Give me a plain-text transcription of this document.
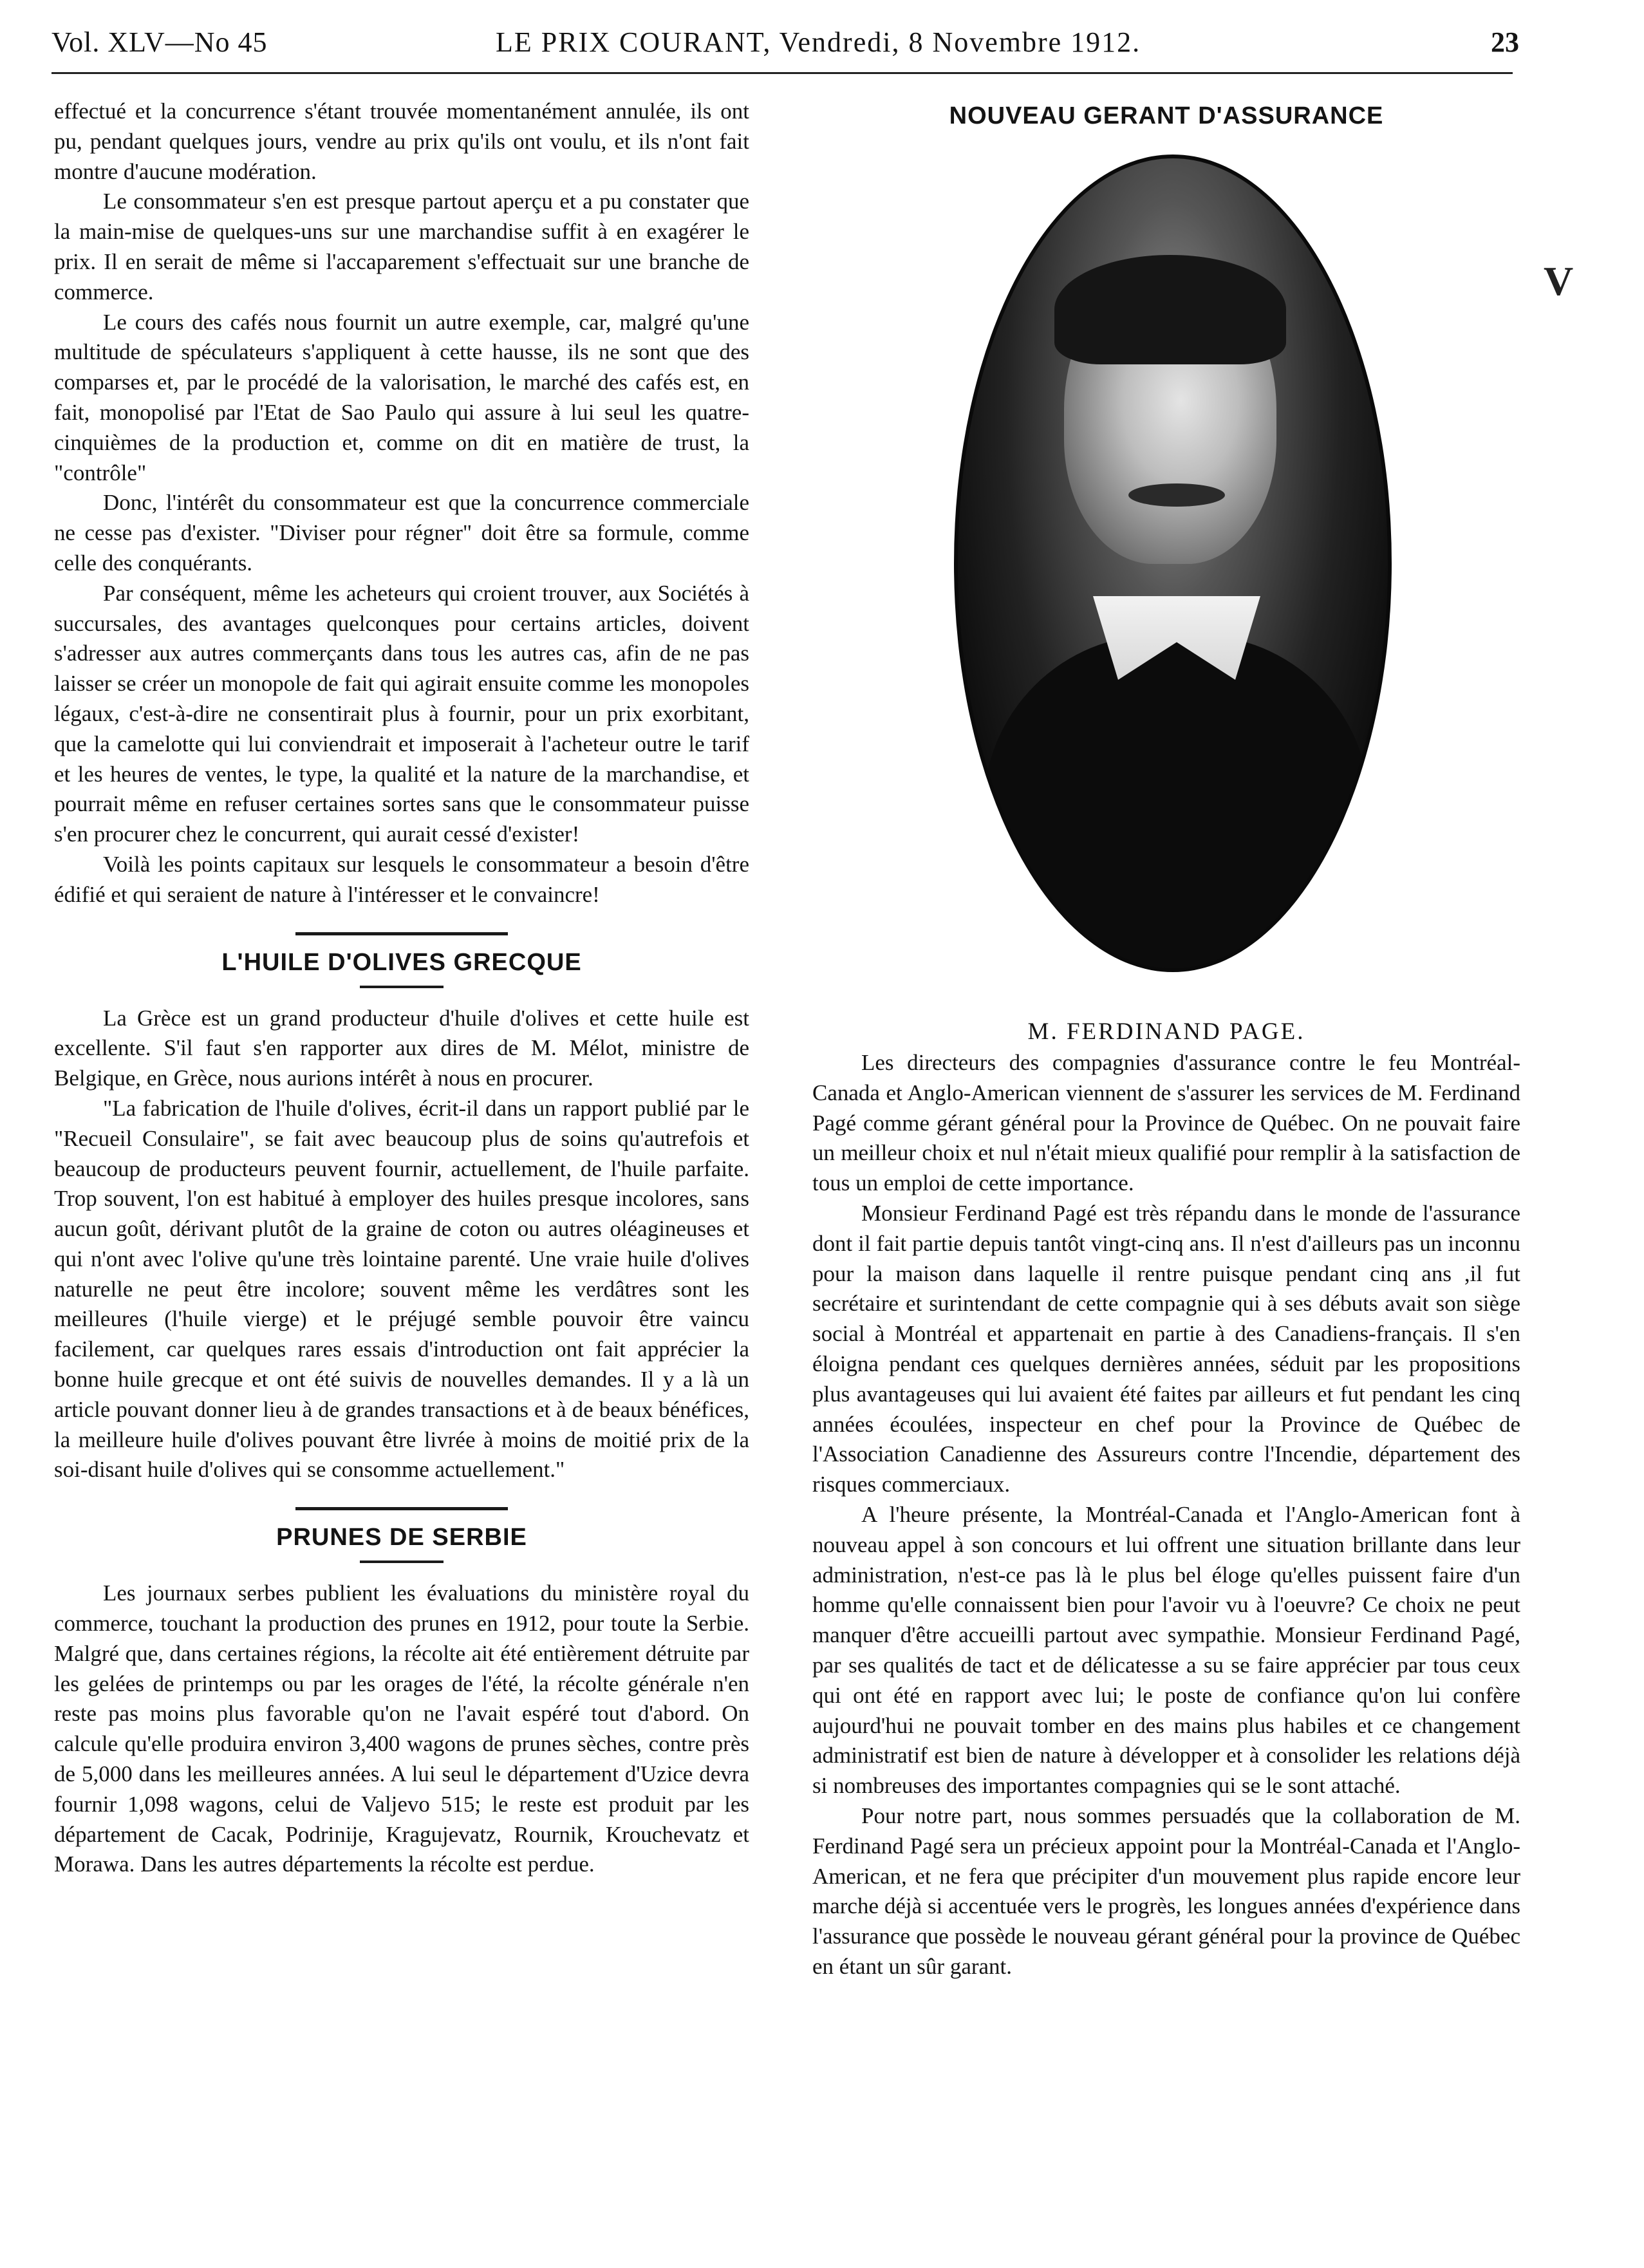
Vol. XLV—No 45	LE PRIX COURANT, Vendredi, 8 Novembre 1912.	23

effectué et la concurrence s'étant trouvée momentanément annulée, ils ont pu, pendant quelques jours, vendre au prix qu'ils ont voulu, et ils n'ont fait montre d'aucune modération.

Le consommateur s'en est presque partout aperçu et a pu constater que la main-mise de quelques-uns sur une marchandise suffit à en exagérer le prix. Il en serait de même si l'accaparement s'effectuait sur une branche de commerce.

Le cours des cafés nous fournit un autre exemple, car, malgré qu'une multitude de spéculateurs s'appliquent à cette hausse, ils ne sont que des comparses et, par le procédé de la valorisation, le marché des cafés est, en fait, monopolisé par l'Etat de Sao Paulo qui assure à lui seul les quatre-cinquièmes de la production et, comme on dit en matière de trust, la "contrôle"

Donc, l'intérêt du consommateur est que la concurrence commerciale ne cesse pas d'exister. "Diviser pour régner" doit être sa formule, comme celle des conquérants.

Par conséquent, même les acheteurs qui croient trouver, aux Sociétés à succursales, des avantages quelconques pour certains articles, doivent s'adresser aux autres commerçants dans tous les autres cas, afin de ne pas laisser se créer un monopole de fait qui agirait ensuite comme les monopoles légaux, c'est-à-dire ne consentirait plus à fournir, pour un prix exorbitant, que la camelotte qui lui conviendrait et imposerait à l'acheteur outre le tarif et les heures de ventes, le type, la qualité et la nature de la marchandise, et pourrait même en refuser certaines sortes sans que le consommateur puisse s'en procurer chez le concurrent, qui aurait cessé d'exister!

Voilà les points capitaux sur lesquels le consommateur a besoin d'être édifié et qui seraient de nature à l'intéresser et le convaincre!

L'HUILE D'OLIVES GRECQUE

La Grèce est un grand producteur d'huile d'olives et cette huile est excellente. S'il faut s'en rapporter aux dires de M. Mélot, ministre de Belgique, en Grèce, nous aurions intérêt à nous en procurer.

"La fabrication de l'huile d'olives, écrit-il dans un rapport publié par le "Recueil Consulaire", se fait avec beaucoup plus de soins qu'autrefois et beaucoup de producteurs peuvent fournir, actuellement, de l'huile parfaite. Trop souvent, l'on est habitué à employer des huiles presque incolores, sans aucun goût, dérivant plutôt de la graine de coton ou autres oléagineuses et qui n'ont avec l'olive qu'une très lointaine parenté. Une vraie huile d'olives naturelle ne peut être incolore; souvent même les verdâtres sont les meilleures (l'huile vierge) et le préjugé semble pouvoir être vaincu facilement, car quelques rares essais d'introduction ont fait apprécier la bonne huile grecque et ont été suivis de nouvelles demandes. Il y a là un article pouvant donner lieu à de grandes transactions et à de beaux bénéfices, la meilleure huile d'olives pouvant être livrée à moins de moitié prix de la soi-disant huile d'olives qui se consomme actuellement."

PRUNES DE SERBIE

Les journaux serbes publient les évaluations du ministère royal du commerce, touchant la production des prunes en 1912, pour toute la Serbie. Malgré que, dans certaines régions, la récolte ait été entièrement détruite par les gelées de printemps ou par les orages de l'été, la récolte générale n'en reste pas moins plus favorable qu'on ne l'avait espéré tout d'abord. On calcule qu'elle produira environ 3,400 wagons de prunes sèches, contre près de 5,000 dans les meilleures années. A lui seul le département d'Uzice devra fournir 1,098 wagons, celui de Valjevo 515; le reste est produit par les département de Cacak, Podrinije, Kragujevatz, Rournik, Krouchevatz et Morawa. Dans les autres départements la récolte est perdue.

NOUVEAU GERANT D'ASSURANCE
M. FERDINAND PAGE.

Les directeurs des compagnies d'assurance contre le feu Montréal-Canada et Anglo-American viennent de s'assurer les services de M. Ferdinand Pagé comme gérant général pour la Province de Québec. On ne pouvait faire un meilleur choix et nul n'était mieux qualifié pour remplir à la satisfaction de tous un emploi de cette importance.

Monsieur Ferdinand Pagé est très répandu dans le monde de l'assurance dont il fait partie depuis tantôt vingt-cinq ans. Il n'est d'ailleurs pas un inconnu pour la maison dans laquelle il rentre puisque pendant cinq ans ,il fut secrétaire et surintendant de cette compagnie qui à ses débuts avait son siège social à Montréal et appartenait en partie à des Canadiens-français. Il s'en éloigna pendant ces quelques dernières années, séduit par les propositions plus avantageuses qui lui avaient été faites par ailleurs et fut pendant les cinq années écoulées, inspecteur en chef pour la Province de Québec de l'Association Canadienne des Assureurs contre l'Incendie, département des risques commerciaux.

A l'heure présente, la Montréal-Canada et l'Anglo-American font à nouveau appel à son concours et lui offrent une situation brillante dans leur administration, n'est-ce pas là le plus bel éloge qu'elles puissent faire d'un homme qu'elle connaissent bien pour l'avoir vu à l'oeuvre? Ce choix ne peut manquer d'être accueilli partout avec sympathie. Monsieur Ferdinand Pagé, par ses qualités de tact et de délicatesse a su se faire apprécier par tous ceux qui ont été en rapport avec lui; le poste de confiance qu'on lui confère aujourd'hui ne pouvait tomber en des mains plus habiles et ce changement administratif est bien de nature à développer et à consolider les relations déjà si nombreuses des importantes compagnies qui se le sont attaché.

Pour notre part, nous sommes persuadés que la collaboration de M. Ferdinand Pagé sera un précieux appoint pour la Montréal-Canada et l'Anglo-American, et ne fera que précipiter d'un mouvement plus rapide encore leur marche déjà si accentuée vers le progrès, les longues années d'expérience dans l'assurance que possède le nouveau gérant général pour la province de Québec en étant un sûr garant.

V
